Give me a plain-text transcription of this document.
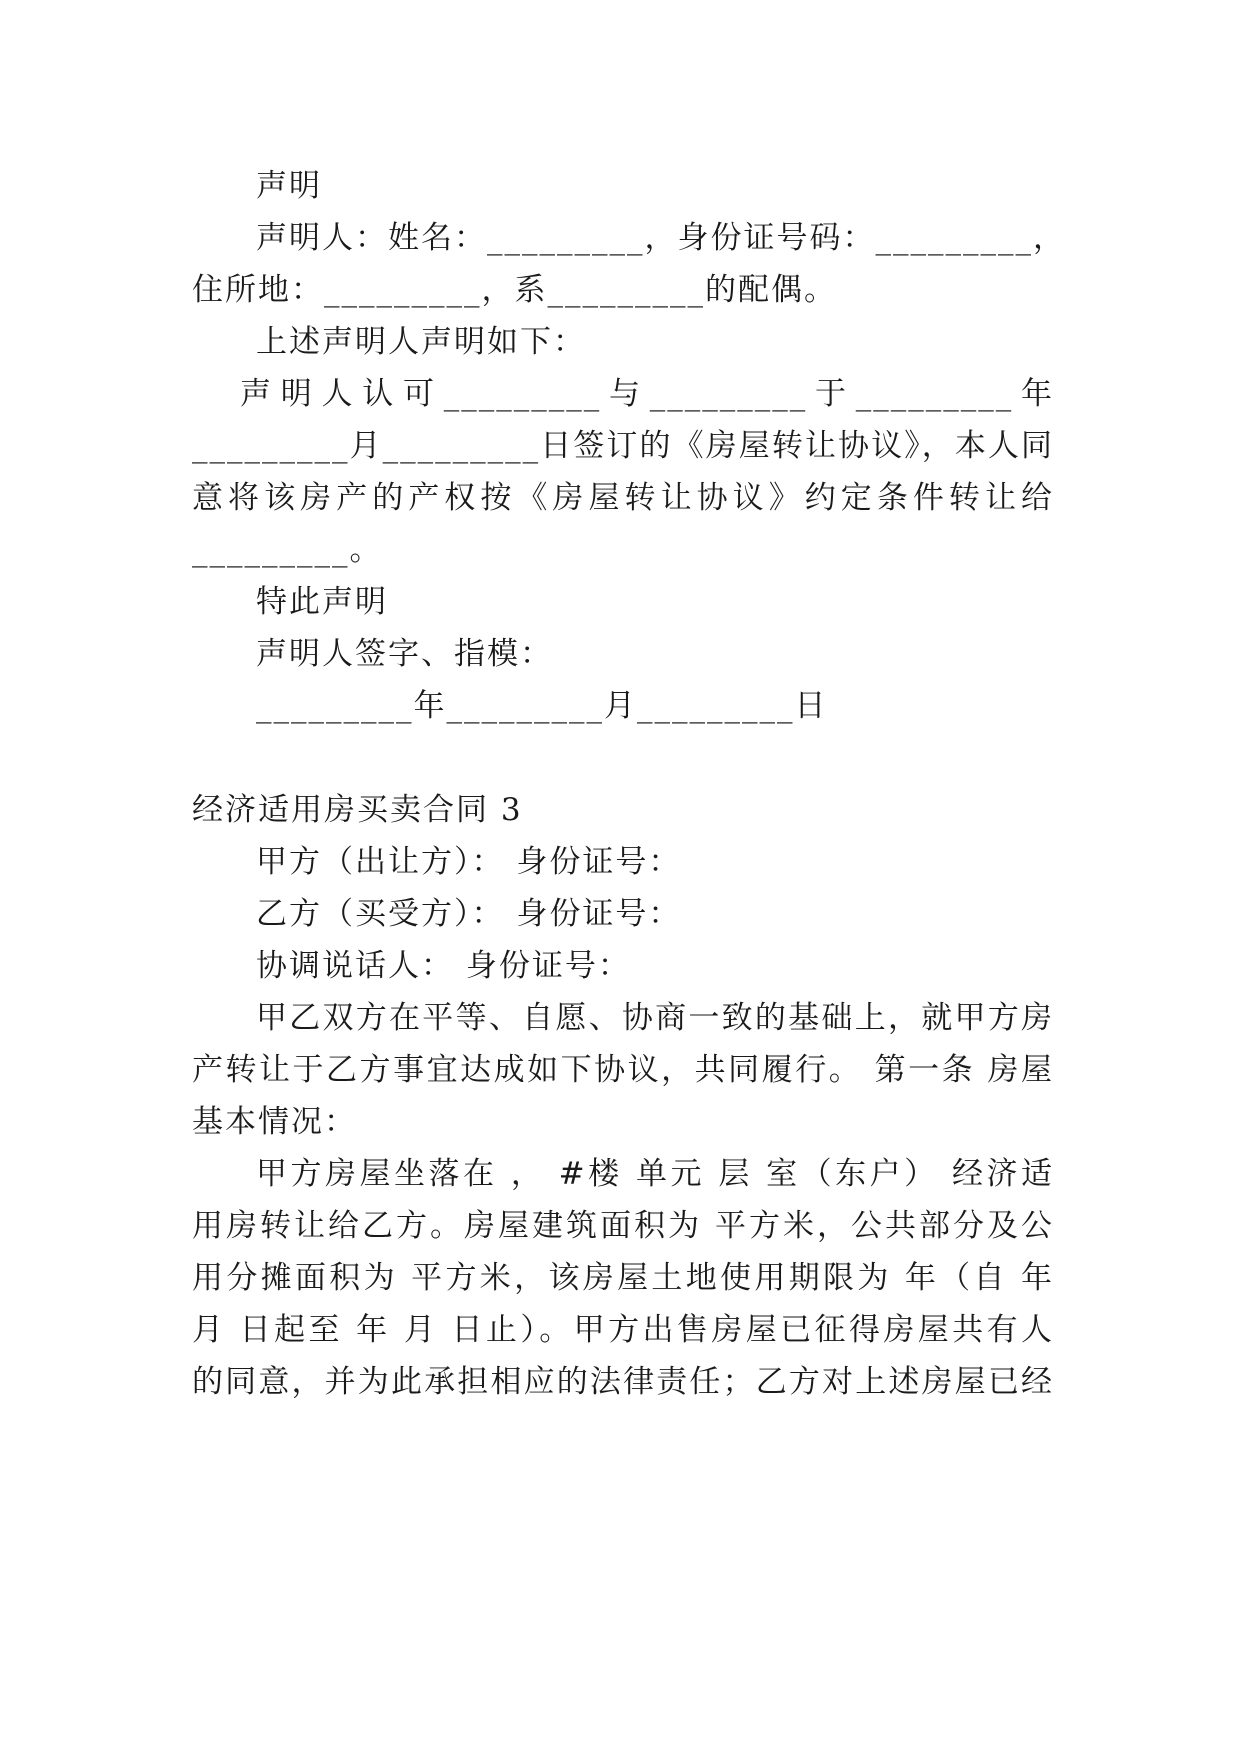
声明
声明人：姓名：_________，身份证号码：_________，
住所地：_________，系_________的配偶。
上述声明人声明如下：
声明人认可_________与_________于_________年
_________月_________日签订的《房屋转让协议》，本人同
意将该房产的产权按《房屋转让协议》约定条件转让给
_________。
特此声明
声明人签字、指模：
_________年_________月_________日
经济适用房买卖合同 3
甲方（出让方）： 身份证号：
乙方（买受方）： 身份证号：
协调说话人： 身份证号：
甲乙双方在平等、自愿、协商一致的基础上，就甲方房
产转让于乙方事宜达成如下协议，共同履行。 第一条 房屋
基本情况：
甲方房屋坐落在 ， #楼 单元 层 室（东户） 经济适
用房转让给乙方。房屋建筑面积为 平方米，公共部分及公
用分摊面积为 平方米，该房屋土地使用期限为 年（自 年
月 日起至 年 月 日止）。甲方出售房屋已征得房屋共有人
的同意，并为此承担相应的法律责任；乙方对上述房屋已经
